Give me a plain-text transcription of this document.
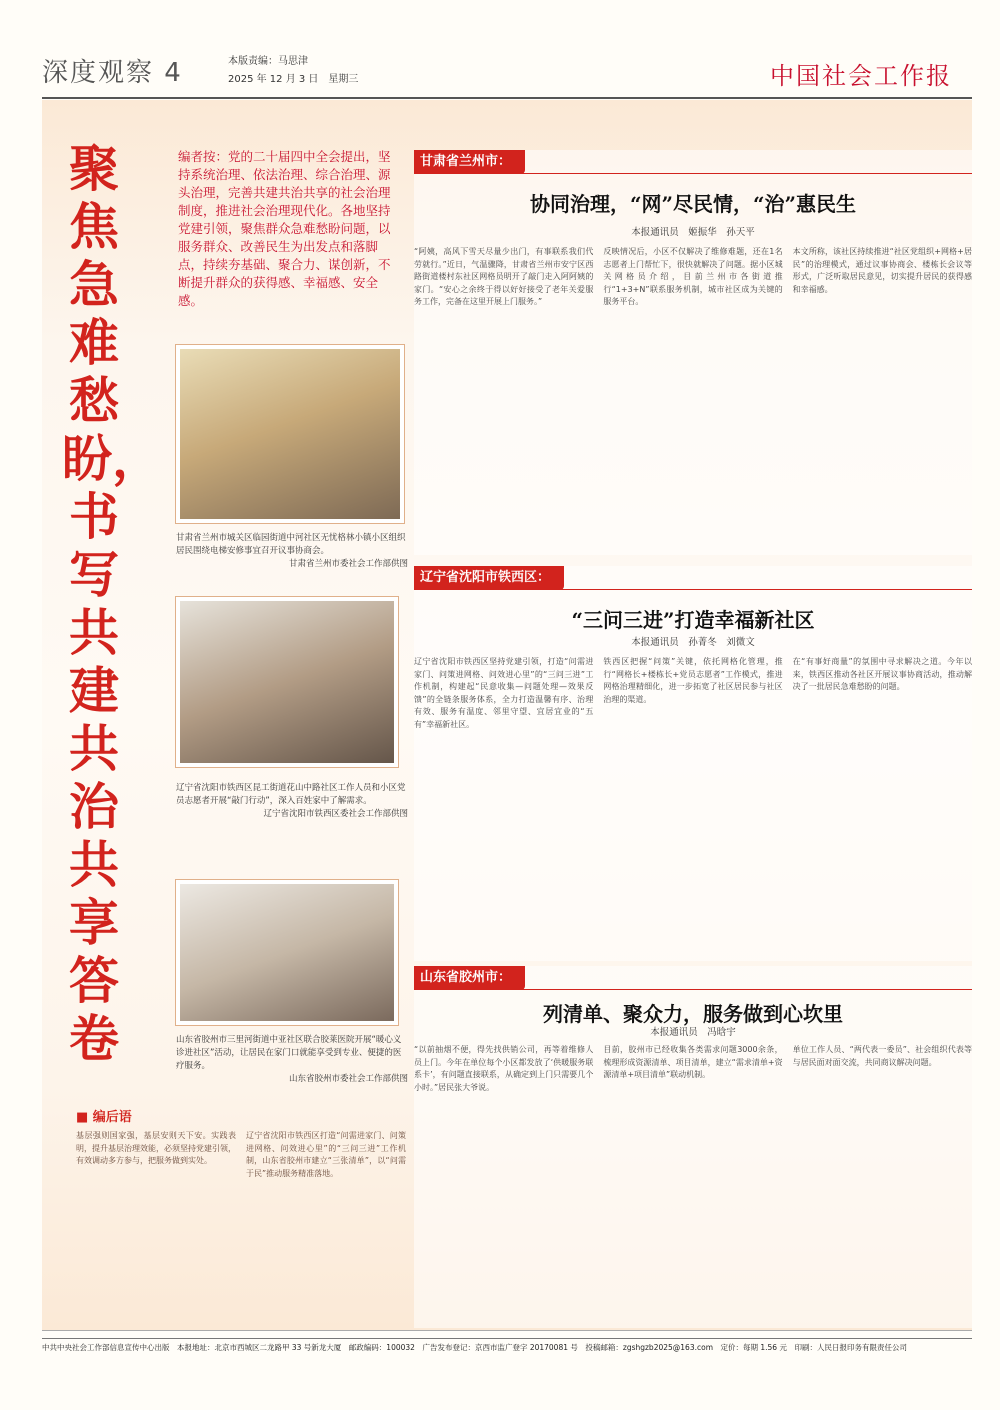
深度观察 4	本版责编：马思津
2025 年 12 月 3 日　星期三	中国社会工作报
聚焦急难愁盼，书写共建共治共享答卷
编者按：党的二十届四中全会提出，坚持系统治理、依法治理、综合治理、源头治理，完善共建共治共享的社会治理制度，推进社会治理现代化。各地坚持党建引领，聚焦群众急难愁盼问题，以服务群众、改善民生为出发点和落脚点，持续夯基础、聚合力、谋创新，不断提升群众的获得感、幸福感、安全感。
甘肃省兰州市城关区临园街道中河社区无忧格林小镇小区组织居民围绕电梯安修事宜召开议事协商会。
甘肃省兰州市委社会工作部供图
辽宁省沈阳市铁西区昆工街道花山中路社区工作人员和小区党员志愿者开展“敲门行动”，深入百姓家中了解需求。
辽宁省沈阳市铁西区委社会工作部供图
山东省胶州市三里河街道中亚社区联合胶莱医院开展“暖心义诊进社区”活动，让居民在家门口就能享受到专业、便捷的医疗服务。
山东省胶州市委社会工作部供图
甘肃省兰州市：
协同治理，“网”尽民情，“治”惠民生
本报通讯员　姬振华　孙天平
“阿姨，高风下雪天尽量少出门，有事联系我们代劳就行。”近日，气温骤降，甘肃省兰州市安宁区西路街道楼村东社区网格员明开了敲门走入阿阿姨的家门。“安心之余终于得以好好接受了老年关爱服务工作，完备在这里开展上门服务。”
反映情况后，小区不仅解决了维修难题，还在1名志愿者上门帮忙下，很快就解决了问题。据小区城关网格员介绍，目前兰州市各街道推行“1+3+N”联系服务机制，城市社区成为关键的服务平台。
本文所称，该社区持续推进“社区党组织+网格+居民”的治理模式，通过议事协商会、楼栋长会议等形式，广泛听取居民意见，切实提升居民的获得感和幸福感。
辽宁省沈阳市铁西区：
“三问三进”打造幸福新社区
本报通讯员　孙菁冬　刘微文
辽宁省沈阳市铁西区坚持党建引领，打造“问需进家门、问策进网格、问效进心里”的“三问三进”工作机制，构建起“民意收集—问题处理—效果反馈”的全链条服务体系，全力打造温馨有序、治理有效、服务有温度、邻里守望、宜居宜业的“五有”幸福新社区。
铁西区把握“问策”关键，依托网格化管理，推行“网格长+楼栋长+党员志愿者”工作模式，推进网格治理精细化，进一步拓宽了社区居民参与社区治理的渠道。
在“有事好商量”的氛围中寻求解决之道。今年以来，铁西区推动各社区开展议事协商活动，推动解决了一批居民急难愁盼的问题。
山东省胶州市：
列清单、聚众力，服务做到心坎里
本报通讯员　冯晗宇
“以前抽烟不便，得先找供销公司，再等着维修人员上门。今年在单位每个小区都发放了‘供暖服务联系卡’，有问题直接联系，从确定到上门只需要几个小时。”居民张大爷说。
目前，胶州市已经收集各类需求问题3000余条，梳理形成资源清单、项目清单，建立“需求清单+资源清单+项目清单”联动机制。
单位工作人员、“两代表一委员”、社会组织代表等与居民面对面交流，共同商议解决问题。
■ 编后语
基层强则国家强，基层安则天下安。实践表明，提升基层治理效能，必须坚持党建引领，有效调动多方参与，把服务做到实处。
辽宁省沈阳市铁西区打造“问需进家门、问策进网格、问效进心里”的“三问三进”工作机制，山东省胶州市建立“三张清单”，以“问需于民”推动服务精准落地。
中共中央社会工作部信息宣传中心出版　本报地址：北京市西城区二龙路甲 33 号新龙大厦　邮政编码：100032　广告发布登记：京西市监广登字 20170081 号　投稿邮箱：zgshgzb2025@163.com　定价：每期 1.56 元　印刷：人民日报印务有限责任公司
